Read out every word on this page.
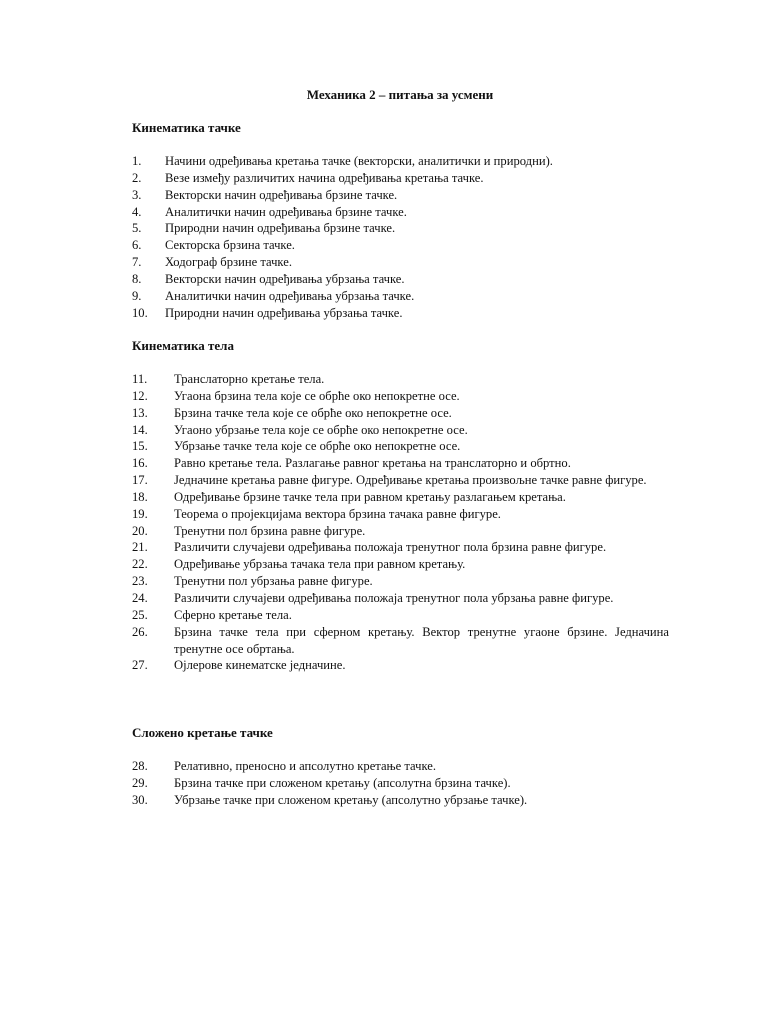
Механика 2 – питања за усмени
Кинематика тачке
1.	Начини одређивања кретања тачке (векторски, аналитички и природни).
2.	Везе између различитих начина одређивања кретања тачке.
3.	Векторски начин одређивања брзине тачке.
4.	Аналитички начин одређивања брзине тачке.
5.	Природни начин одређивања брзине тачке.
6.	Секторска брзина тачке.
7.	Ходограф брзине тачке.
8.	Векторски начин одређивања убрзања тачке.
9.	Аналитички начин одређивања убрзања тачке.
10.	Природни начин одређивања убрзања тачке.
Кинематика тела
11.	Транслаторно кретање тела.
12.	Угаона брзина тела које се обрће око непокретне осе.
13.	Брзина тачке тела које се обрће око непокретне осе.
14.	Угаоно убрзање тела које се обрће око непокретне осе.
15.	Убрзање тачке тела које се обрће око непокретне осе.
16.	Равно кретање тела. Разлагање равног кретања на транслаторно и обртно.
17.	Једначине кретања равне фигуре. Одређивање кретања произвољне тачке равне фигуре.
18.	Одређивање брзине тачке тела при равном кретању разлагањем кретања.
19.	Теорема о пројекцијама вектора брзина тачака равне фигуре.
20.	Тренутни пол брзина равне фигуре.
21.	Различити случајеви одређивања положаја тренутног пола брзина равне фигуре.
22.	Одређивање убрзања тачака тела при равном кретању.
23.	Тренутни пол убрзања равне фигуре.
24.	Различити случајеви одређивања положаја тренутног пола убрзања равне фигуре.
25.	Сферно кретање тела.
26.	Брзина тачке тела при сферном кретању. Вектор тренутне угаоне брзине. Једначина тренутне осе обртања.
27.	Ојлерове кинематске једначине.
Сложено кретање тачке
28.	Релативно, преносно и апсолутно кретање тачке.
29.	Брзина тачке при сложеном кретању (апсолутна брзина тачке).
30.	Убрзање тачке при сложеном кретању (апсолутно убрзање тачке).
